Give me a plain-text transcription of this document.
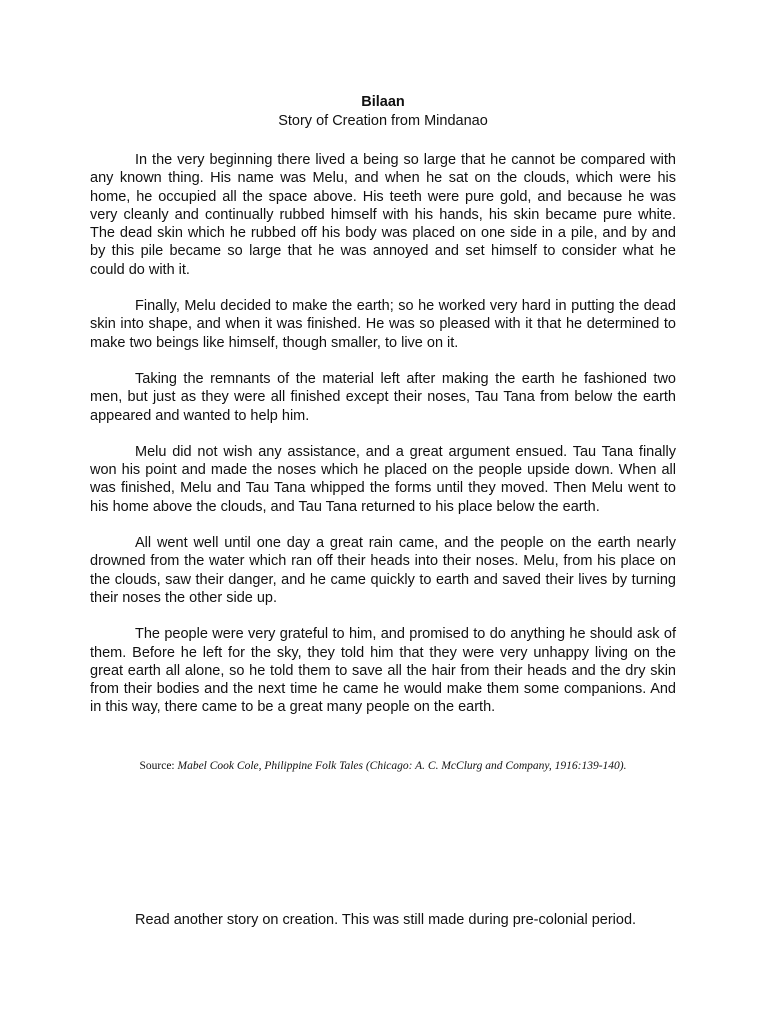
Bilaan
Story of Creation from Mindanao

In the very beginning there lived a being so large that he cannot be compared with any known thing. His name was Melu, and when he sat on the clouds, which were his home, he occupied all the space above. His teeth were pure gold, and because he was very cleanly and continually rubbed himself with his hands, his skin became pure white. The dead skin which he rubbed off his body was placed on one side in a pile, and by and by this pile became so large that he was annoyed and set himself to consider what he could do with it.

Finally, Melu decided to make the earth; so he worked very hard in putting the dead skin into shape, and when it was finished. He was so pleased with it that he determined to make two beings like himself, though smaller, to live on it.

Taking the remnants of the material left after making the earth he fashioned two men, but just as they were all finished except their noses, Tau Tana from below the earth appeared and wanted to help him.

Melu did not wish any assistance, and a great argument ensued. Tau Tana finally won his point and made the noses which he placed on the people upside down. When all was finished, Melu and Tau Tana whipped the forms until they moved. Then Melu went to his home above the clouds, and Tau Tana returned to his place below the earth.

All went well until one day a great rain came, and the people on the earth nearly drowned from the water which ran off their heads into their noses. Melu, from his place on the clouds, saw their danger, and he came quickly to earth and saved their lives by turning their noses the other side up.

The people were very grateful to him, and promised to do anything he should ask of them. Before he left for the sky, they told him that they were very unhappy living on the great earth all alone, so he told them to save all the hair from their heads and the dry skin from their bodies and the next time he came he would make them some companions. And in this way, there came to be a great many people on the earth.

Source: Mabel Cook Cole, Philippine Folk Tales (Chicago: A. C. McClurg and Company, 1916:139-140).

Read another story on creation. This was still made during pre-colonial period.
